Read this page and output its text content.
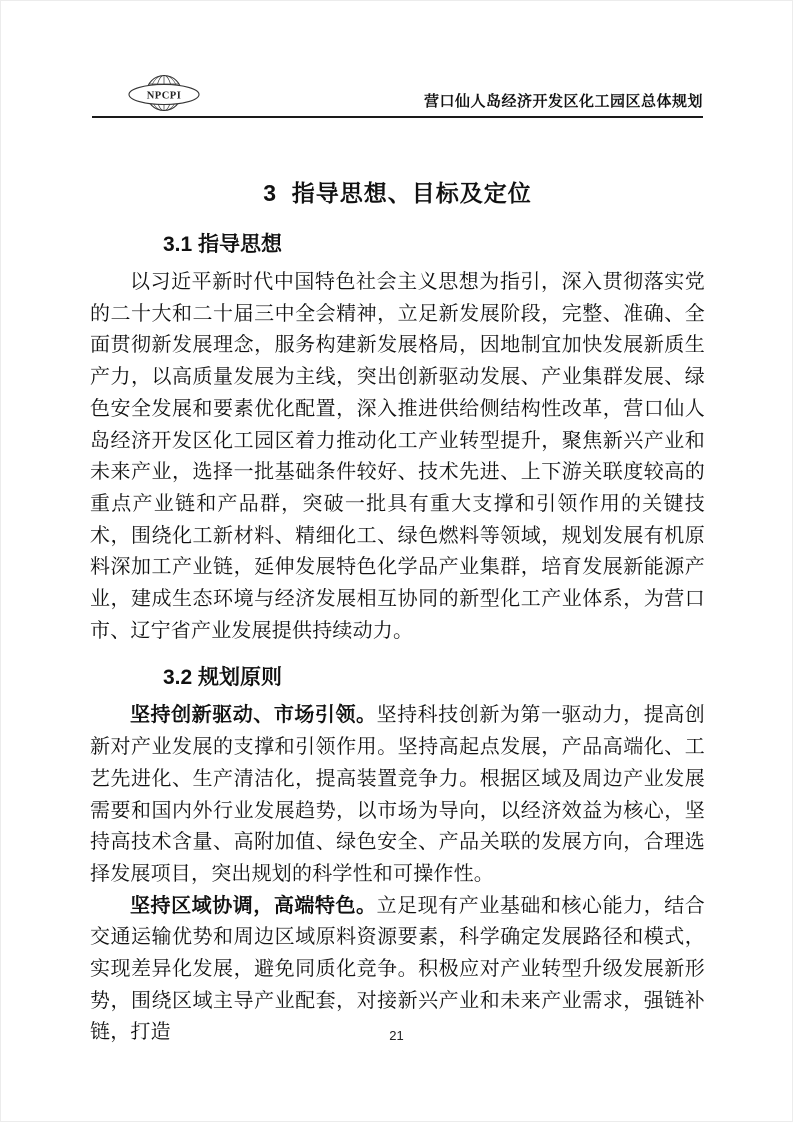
NPCPI	营口仙人岛经济开发区化工园区总体规划
3  指导思想、目标及定位
3.1 指导思想

以习近平新时代中国特色社会主义思想为指引，深入贯彻落实党的二十大和二十届三中全会精神，立足新发展阶段，完整、准确、全面贯彻新发展理念，服务构建新发展格局，因地制宜加快发展新质生产力，以高质量发展为主线，突出创新驱动发展、产业集群发展、绿色安全发展和要素优化配置，深入推进供给侧结构性改革，营口仙人岛经济开发区化工园区着力推动化工产业转型提升，聚焦新兴产业和未来产业，选择一批基础条件较好、技术先进、上下游关联度较高的重点产业链和产品群，突破一批具有重大支撑和引领作用的关键技术，围绕化工新材料、精细化工、绿色燃料等领域，规划发展有机原料深加工产业链，延伸发展特色化学品产业集群，培育发展新能源产业，建成生态环境与经济发展相互协同的新型化工产业体系，为营口市、辽宁省产业发展提供持续动力。

3.2 规划原则

坚持创新驱动、市场引领。坚持科技创新为第一驱动力，提高创新对产业发展的支撑和引领作用。坚持高起点发展，产品高端化、工艺先进化、生产清洁化，提高装置竞争力。根据区域及周边产业发展需要和国内外行业发展趋势，以市场为导向，以经济效益为核心，坚持高技术含量、高附加值、绿色安全、产品关联的发展方向，合理选择发展项目，突出规划的科学性和可操作性。

坚持区域协调，高端特色。立足现有产业基础和核心能力，结合交通运输优势和周边区域原料资源要素，科学确定发展路径和模式，实现差异化发展，避免同质化竞争。积极应对产业转型升级发展新形势，围绕区域主导产业配套，对接新兴产业和未来产业需求，强链补链，打造	21
